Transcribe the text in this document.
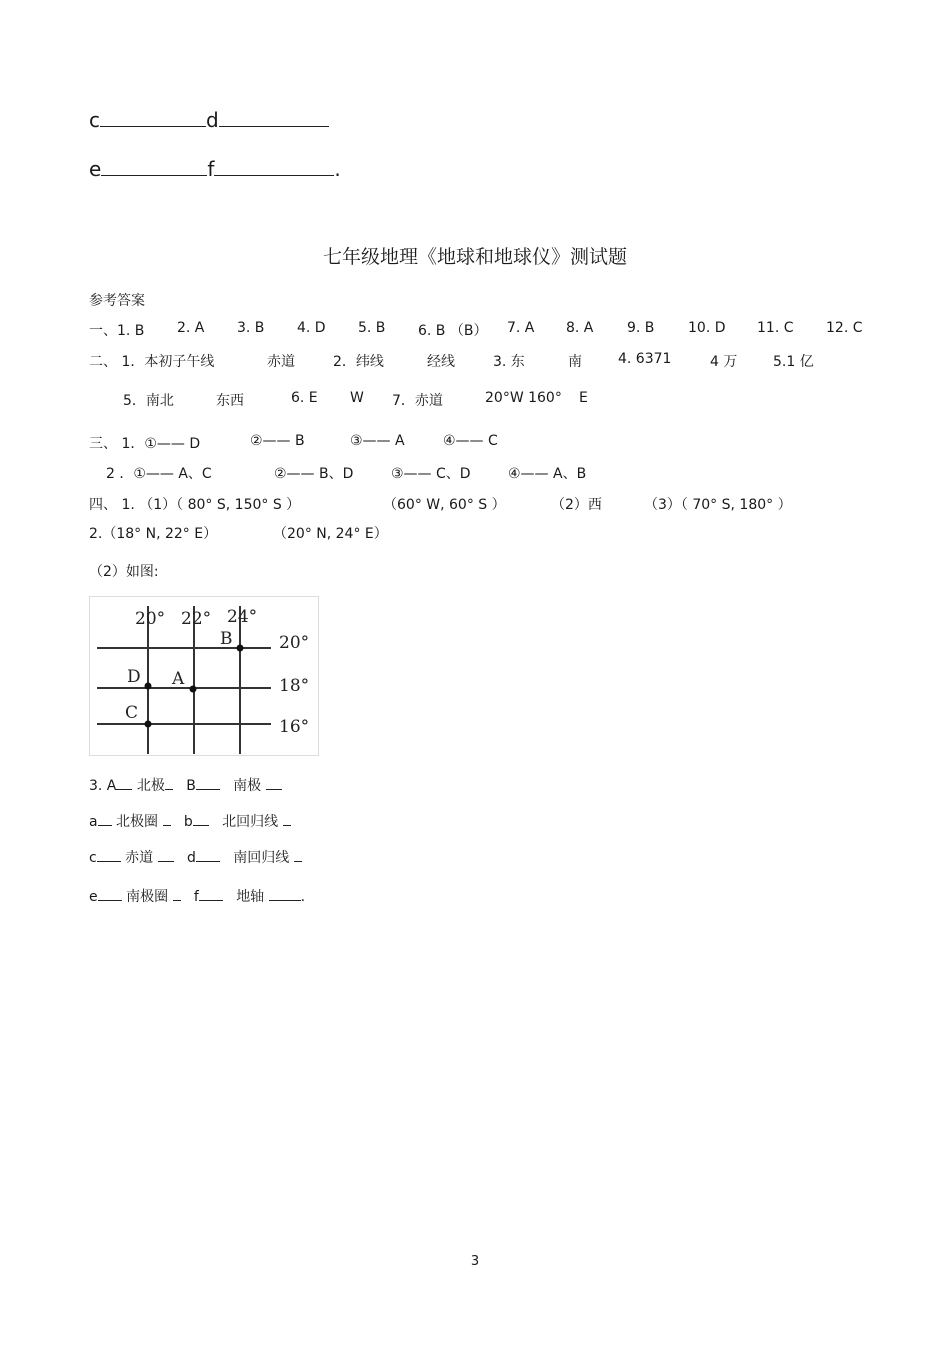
c	d
e	f	.
七年级地理《地球和地球仪》测试题
参考答案
一、1. B 2. A 3. B 4. D 5. B 6. B （B） 7. A 8. A 9. B 10. D 11. C 12. C
二、 1．本初子午线	赤道	2．纬线	经线	3. 东	南	4. 6371	4 万	5.1 亿
5．南北	东西	6. E W 7．赤道	20°W 160° E
三、 1．①—— D	②—— B	③—— A	④—— C
2 ．①—— A、C	②—— B、D	③—— C、D	④—— A、B
四、 1. （1）（ 80° S, 150° S ）	（60° W, 60° S ）	（2）西	（3）（ 70° S, 180° ）
2.（18° N, 22° E）	（20° N, 24° E）
（2）如图:
20° 22° 24°
20°
18°
16°
B
D A
C
3. A 北极 B	南极
a 北极圈 b 北回归线
c 赤道 d	南回归线
e 南极圈 f	地轴	.
3
